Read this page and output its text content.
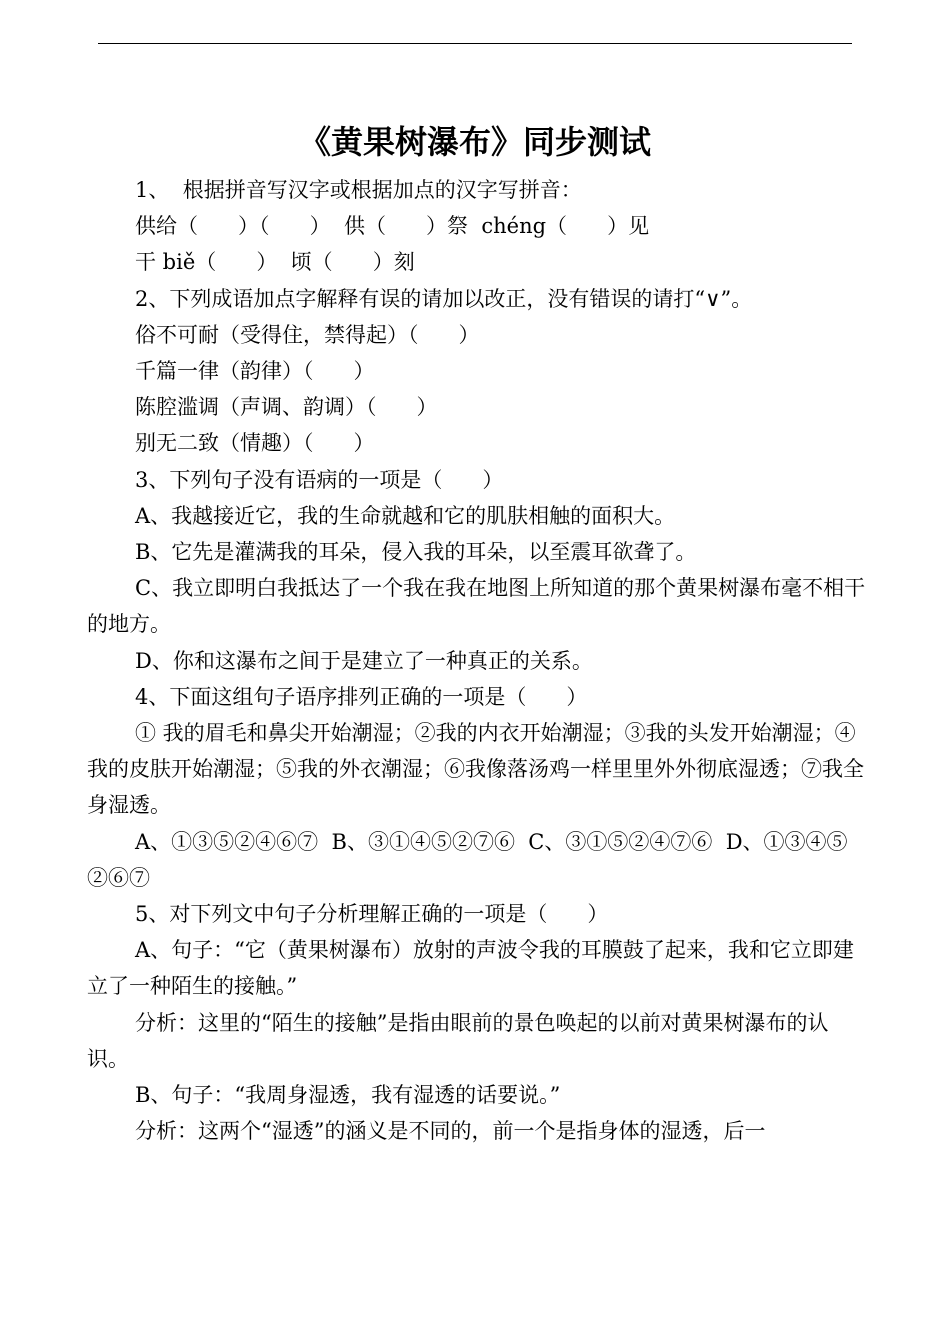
《黄果树瀑布》同步测试

1、  根据拼音写汉字或根据加点的汉字写拼音：

供给（      ）（      ）  供（      ）祭  chéng（      ）见

干 biě（      ）  顷（      ）刻

2、下列成语加点字解释有误的请加以改正，没有错误的请打“∨”。

俗不可耐（受得住，禁得起）（      ）

千篇一律（韵律）（      ）

陈腔滥调（声调、韵调）（      ）

别无二致（情趣）（      ）

3、下列句子没有语病的一项是（      ）

A、我越接近它，我的生命就越和它的肌肤相触的面积大。

B、它先是灌满我的耳朵，侵入我的耳朵，以至震耳欲聋了。

C、我立即明白我抵达了一个我在我在地图上所知道的那个黄果树瀑布毫不相干的地方。

D、你和这瀑布之间于是建立了一种真正的关系。

4、下面这组句子语序排列正确的一项是（      ）

① 我的眉毛和鼻尖开始潮湿；②我的内衣开始潮湿；③我的头发开始潮湿；④我的皮肤开始潮湿；⑤我的外衣潮湿；⑥我像落汤鸡一样里里外外彻底湿透；⑦我全身湿透。

A、①③⑤②④⑥⑦  B、③①④⑤②⑦⑥  C、③①⑤②④⑦⑥  D、①③④⑤②⑥⑦

5、对下列文中句子分析理解正确的一项是（      ）

A、句子：“它（黄果树瀑布）放射的声波令我的耳膜鼓了起来，我和它立即建立了一种陌生的接触。”

分析：这里的“陌生的接触”是指由眼前的景色唤起的以前对黄果树瀑布的认识。

B、句子：“我周身湿透，我有湿透的话要说。”

分析：这两个“湿透”的涵义是不同的，前一个是指身体的湿透，后一
